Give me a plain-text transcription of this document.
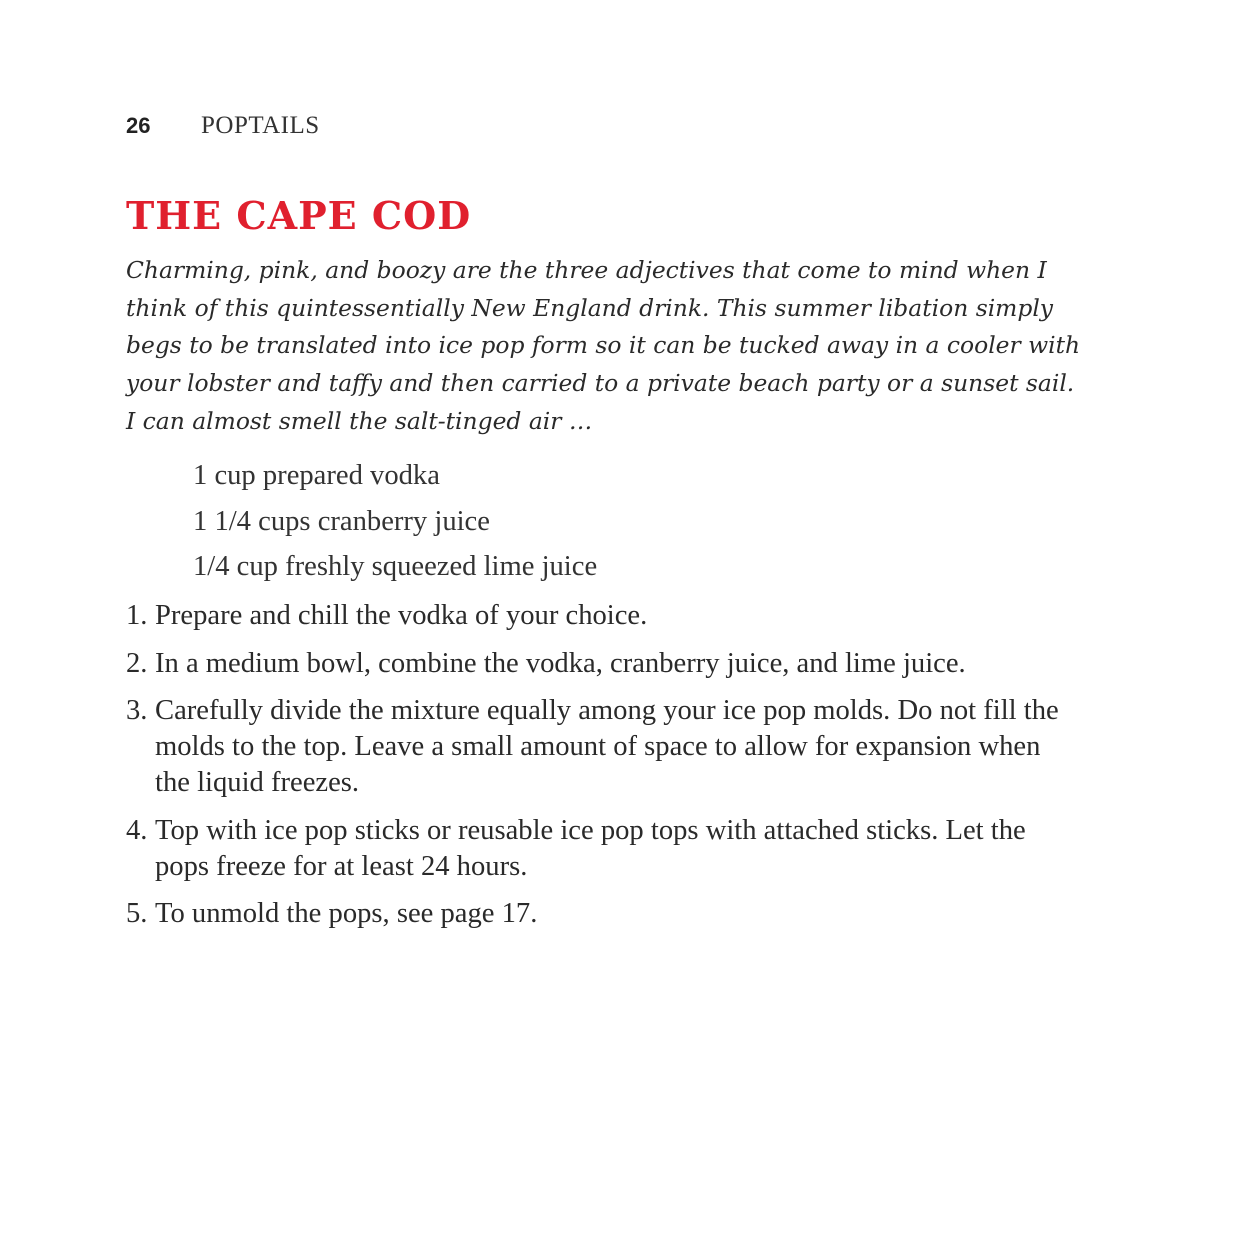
26	POPTAILS
THE CAPE COD

Charming, pink, and boozy are the three adjectives that come to mind when I think of this quintessentially New England drink. This summer libation simply begs to be translated into ice pop form so it can be tucked away in a cooler with your lobster and taffy and then carried to a private beach party or a sunset sail. I can almost smell the salt-tinged air …

1 cup prepared vodka
1 1/4 cups cranberry juice
1/4 cup freshly squeezed lime juice
1. Prepare and chill the vodka of your choice.
2. In a medium bowl, combine the vodka, cranberry juice, and lime juice.
3. Carefully divide the mixture equally among your ice pop molds. Do not fill the molds to the top. Leave a small amount of space to allow for expansion when the liquid freezes.
4. Top with ice pop sticks or reusable ice pop tops with attached sticks. Let the pops freeze for at least 24 hours.
5. To unmold the pops, see page 17.
